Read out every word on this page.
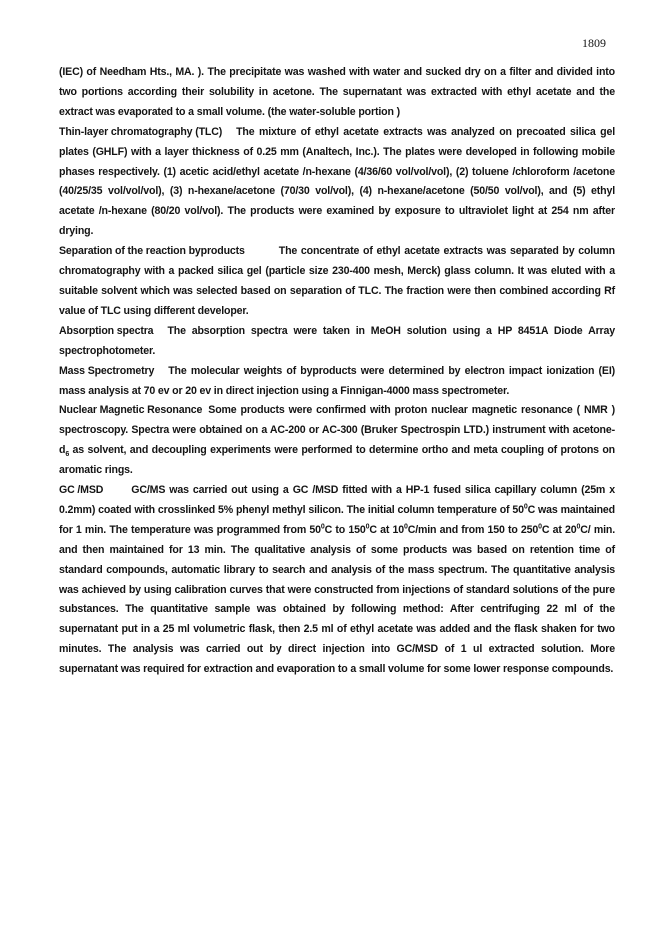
1809

(IEC) of Needham Hts., MA. ). The precipitate was washed with water and sucked dry on a filter and divided into two portions according their solubility in acetone. The supernatant was extracted with ethyl acetate and the extract was evaporated to a small volume. (the water-soluble portion )

Thin-layer chromatography (TLC) The mixture of ethyl acetate extracts was analyzed on precoated silica gel plates (GHLF) with a layer thickness of 0.25 mm (Analtech, Inc.). The plates were developed in following mobile phases respectively. (1) acetic acid/ethyl acetate /n-hexane (4/36/60 vol/vol/vol), (2) toluene /chloroform /acetone (40/25/35 vol/vol/vol), (3) n-hexane/acetone (70/30 vol/vol), (4) n-hexane/acetone (50/50 vol/vol), and (5) ethyl acetate /n-hexane (80/20 vol/vol). The products were examined by exposure to ultraviolet light at 254 nm after drying.

Separation of the reaction byproducts	The concentrate of ethyl acetate extracts was separated by column chromatography with a packed silica gel (particle size 230-400 mesh, Merck) glass column. It was eluted with a suitable solvent which was selected based on separation of TLC. The fraction were then combined according Rf value of TLC using different developer.

Absorption spectra The absorption spectra were taken in MeOH solution using a HP 8451A Diode Array spectrophotometer.

Mass Spectrometry The molecular weights of byproducts were determined by electron impact ionization (EI) mass analysis at 70 ev or 20 ev in direct injection using a Finnigan-4000 mass spectrometer.

Nuclear Magnetic Resonance Some products were confirmed with proton nuclear magnetic resonance ( NMR ) spectroscopy. Spectra were obtained on a AC-200 or AC-300 (Bruker Spectrospin LTD.) instrument with acetone-$d_6$ as solvent, and decoupling experiments were performed to determine ortho and meta coupling of protons on aromatic rings.

GC /MSD	GC/MS was carried out using a GC /MSD fitted with a HP-1 fused silica capillary column (25m x 0.2mm) coated with crosslinked 5% phenyl methyl silicon. The initial column temperature of $50^0C$ was maintained for 1 min. The temperature was programmed from $50^0C$ to $150^0C$ at $10^0C/\min$ and from 150 to $250^0C$ at $20^0C/$ min. and then maintained for 13 min. The qualitative analysis of some products was based on retention time of standard compounds, automatic library to search and analysis of the mass spectrum. The quantitative analysis was achieved by using calibration curves that were constructed from injections of standard solutions of the pure substances. The quantitative sample was obtained by following method: After centrifuging 22 ml of the supernatant put in a 25 ml volumetric flask, then 2.5 ml of ethyl acetate was added and the flask shaken for two minutes. The analysis was carried out by direct injection into GC/MSD of 1 ul extracted solution. More supernatant was required for extraction and evaporation to a small volume for some lower response compounds.
